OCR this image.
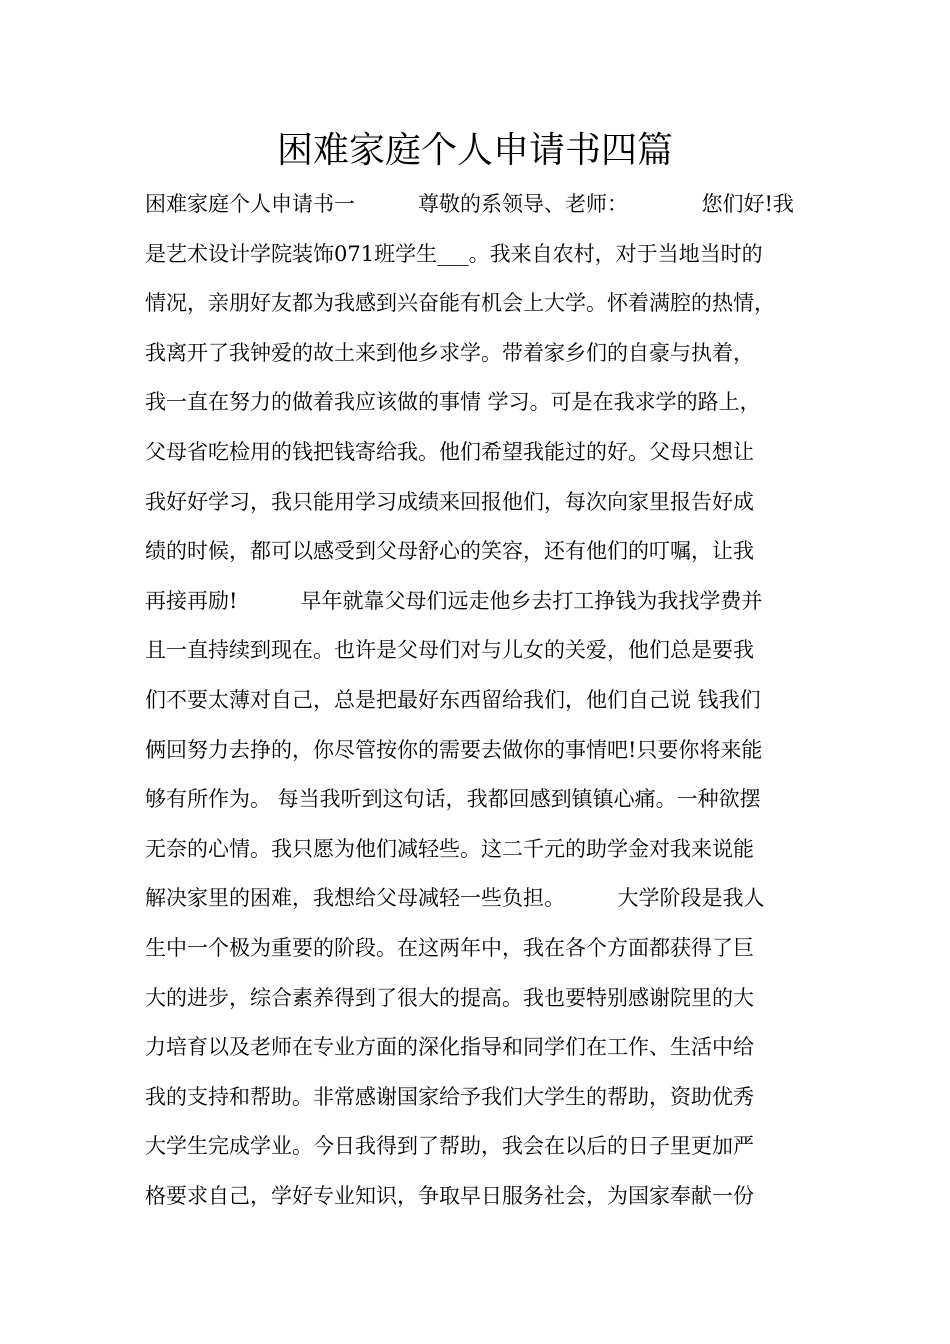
困难家庭个人申请书四篇
困难家庭个人申请书一　　　尊敬的系领导、老师：　　　　您们好!我
是艺术设计学院装饰071班学生___。我来自农村，对于当地当时的
情况，亲朋好友都为我感到兴奋能有机会上大学。怀着满腔的热情，
我离开了我钟爱的故土来到他乡求学。带着家乡们的自豪与执着，
我一直在努力的做着我应该做的事情 学习。可是在我求学的路上，
父母省吃检用的钱把钱寄给我。他们希望我能过的好。父母只想让
我好好学习，我只能用学习成绩来回报他们，每次向家里报告好成
绩的时候，都可以感受到父母舒心的笑容，还有他们的叮嘱，让我
再接再励!　　　早年就靠父母们远走他乡去打工挣钱为我找学费并
且一直持续到现在。也许是父母们对与儿女的关爱，他们总是要我
们不要太薄对自己，总是把最好东西留给我们，他们自己说 钱我们
俩回努力去挣的，你尽管按你的需要去做你的事情吧!只要你将来能
够有所作为。 每当我听到这句话，我都回感到镇镇心痛。一种欲摆
无奈的心情。我只愿为他们减轻些。这二千元的助学金对我来说能
解决家里的困难，我想给父母减轻一些负担。　　　大学阶段是我人
生中一个极为重要的阶段。在这两年中，我在各个方面都获得了巨
大的进步，综合素养得到了很大的提高。我也要特别感谢院里的大
力培育以及老师在专业方面的深化指导和同学们在工作、生活中给
我的支持和帮助。非常感谢国家给予我们大学生的帮助，资助优秀
大学生完成学业。今日我得到了帮助，我会在以后的日子里更加严
格要求自己，学好专业知识，争取早日服务社会，为国家奉献一份
